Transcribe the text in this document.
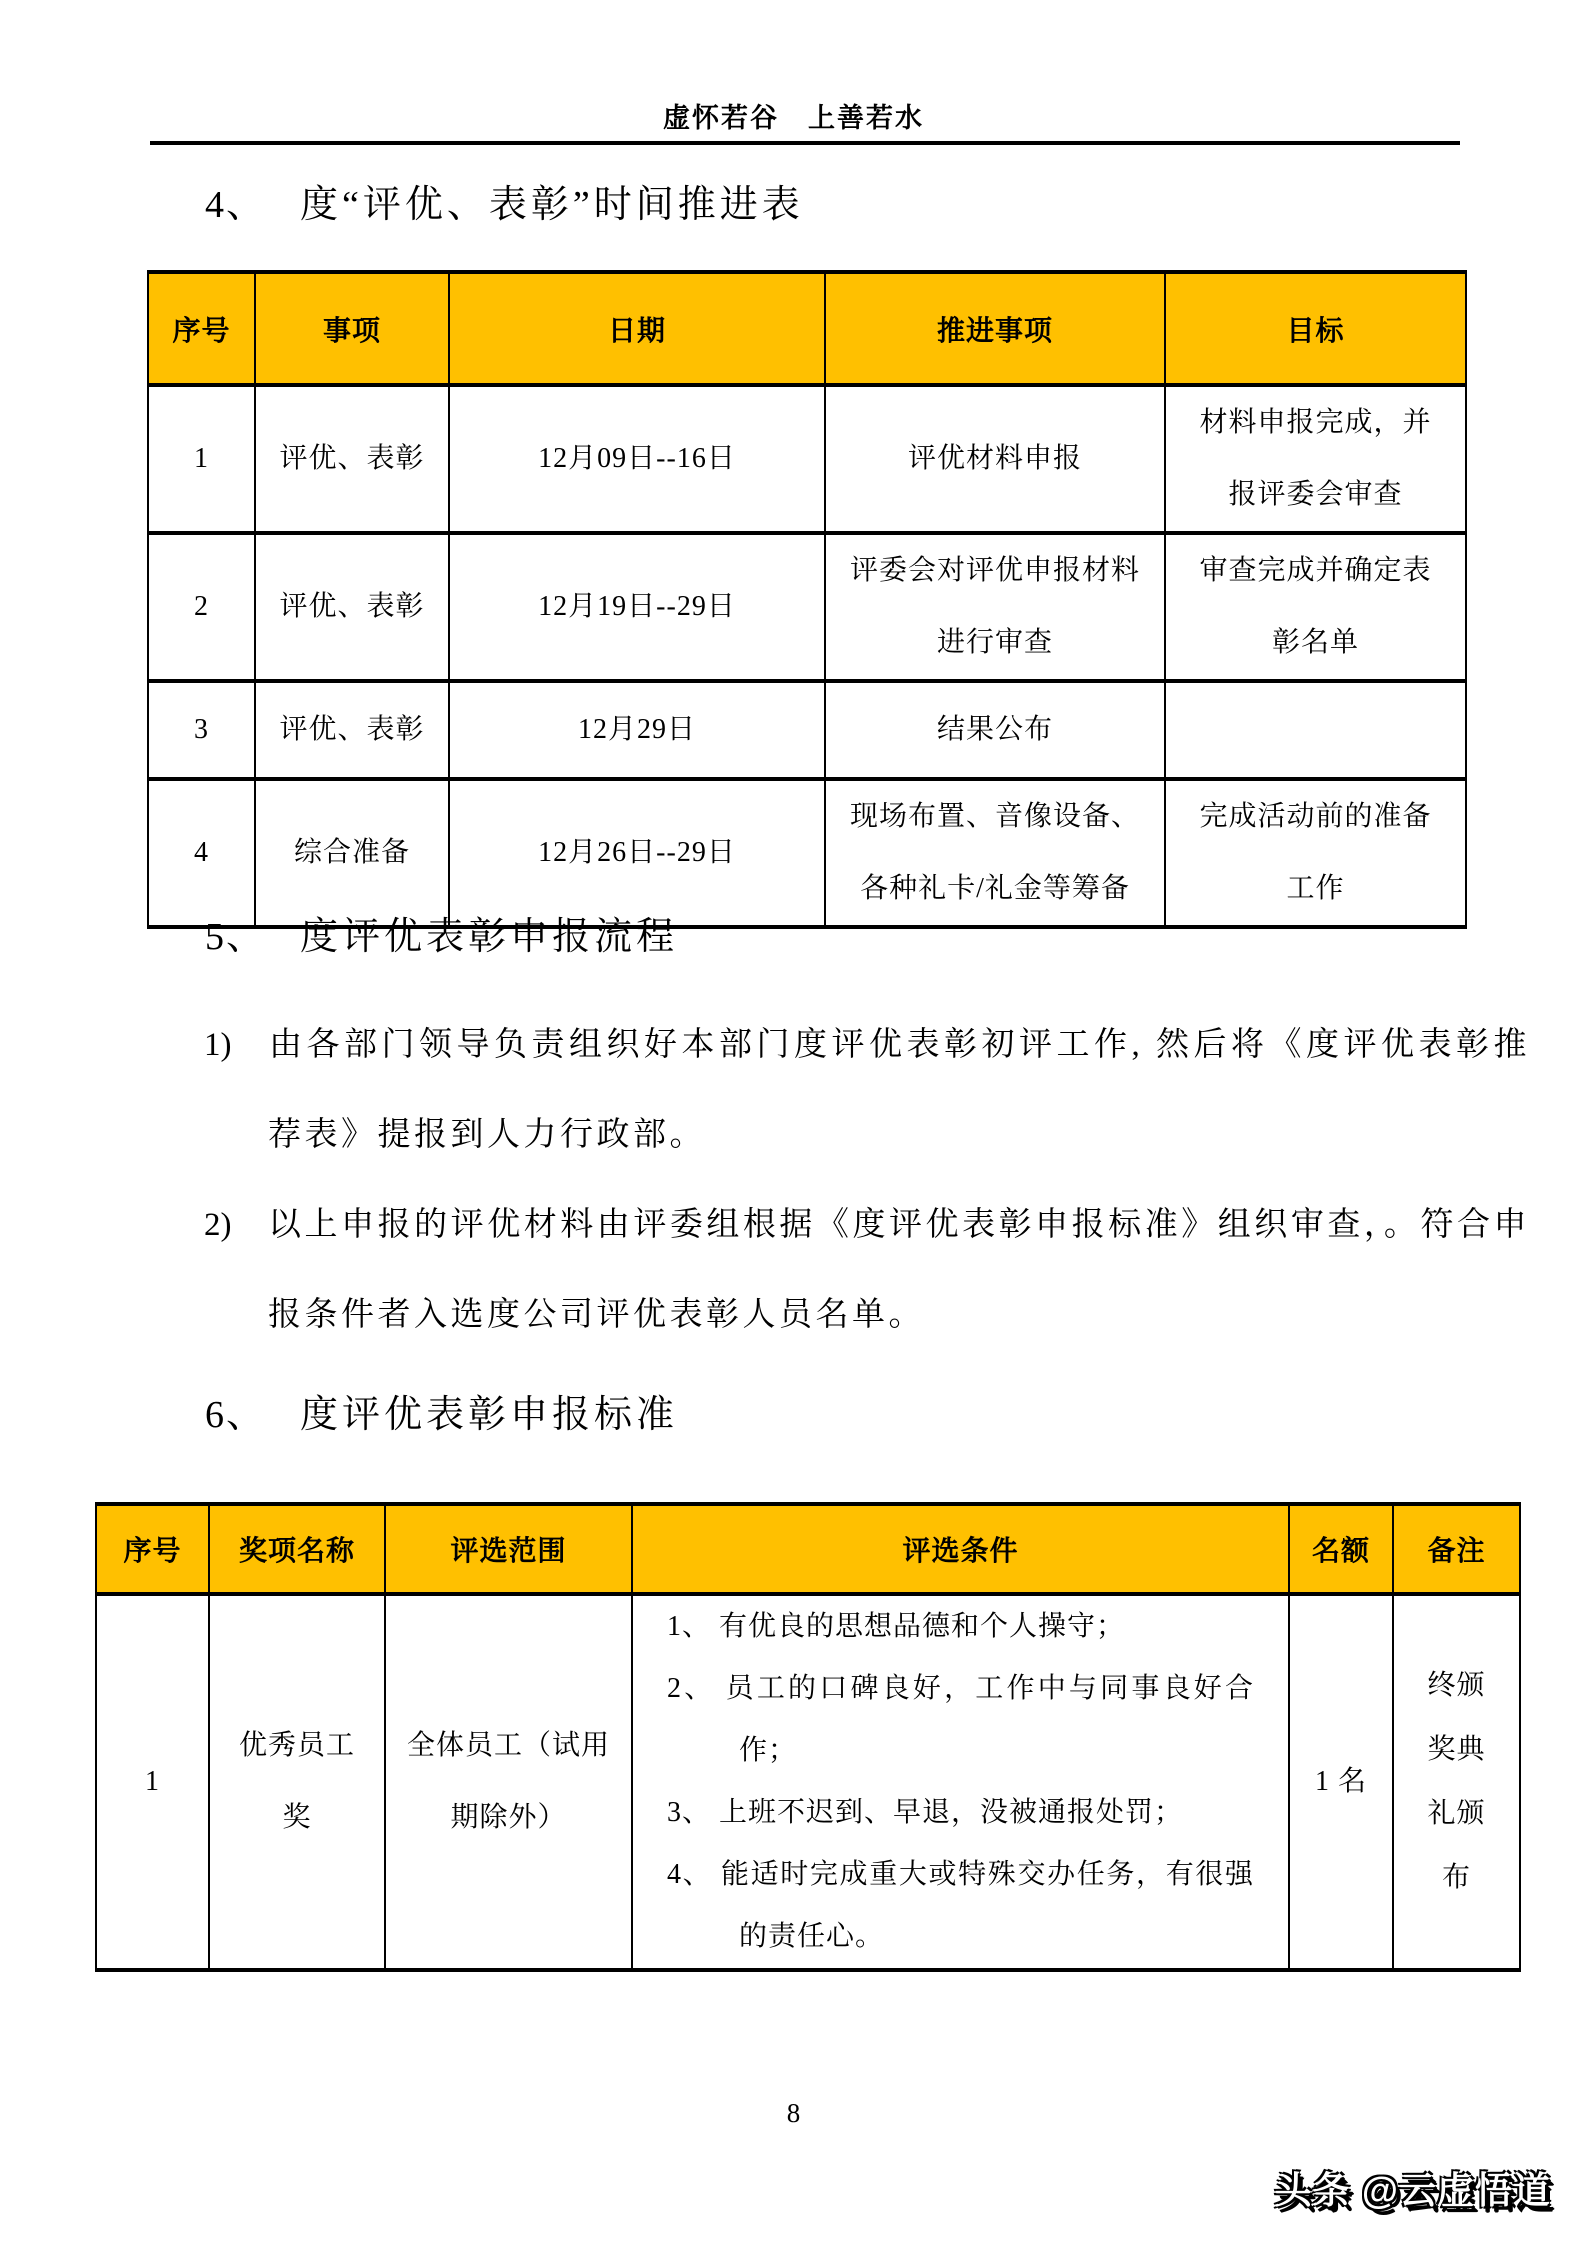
虚怀若谷　上善若水
4、 度“评优、表彰”时间推进表
序号	事项	日期	推进事项	目标
1	评优、表彰	12月09日--16日	评优材料申报	材料申报完成，并报评委会审查
2	评优、表彰	12月19日--29日	评委会对评优申报材料进行审查	审查完成并确定表彰名单
3	评优、表彰	12月29日	结果公布	
4	综合准备	12月26日--29日	现场布置、音像设备、各种礼卡/礼金等筹备	完成活动前的准备工作
5、 度评优表彰申报流程
1) 由各部门领导负责组织好本部门度评优表彰初评工作, 然后将《度评优表彰推荐表》提报到人力行政部。
2) 以上申报的评优材料由评委组根据《度评优表彰申报标准》组织审查，。符合申报条件者入选度公司评优表彰人员名单。
6、 度评优表彰申报标准
序号	奖项名称	评选范围	评选条件	名额	备注
1	优秀员工奖	全体员工（试用期除外）	1、 有优良的思想品德和个人操守；
2、 员工的口碑良好，工作中与同事良好合作；
3、 上班不迟到、早退，没被通报处罚；
4、 能适时完成重大或特殊交办任务，有很强的责任心。	1 名	终颁奖典礼颁布
8
头条 @云虚悟道
